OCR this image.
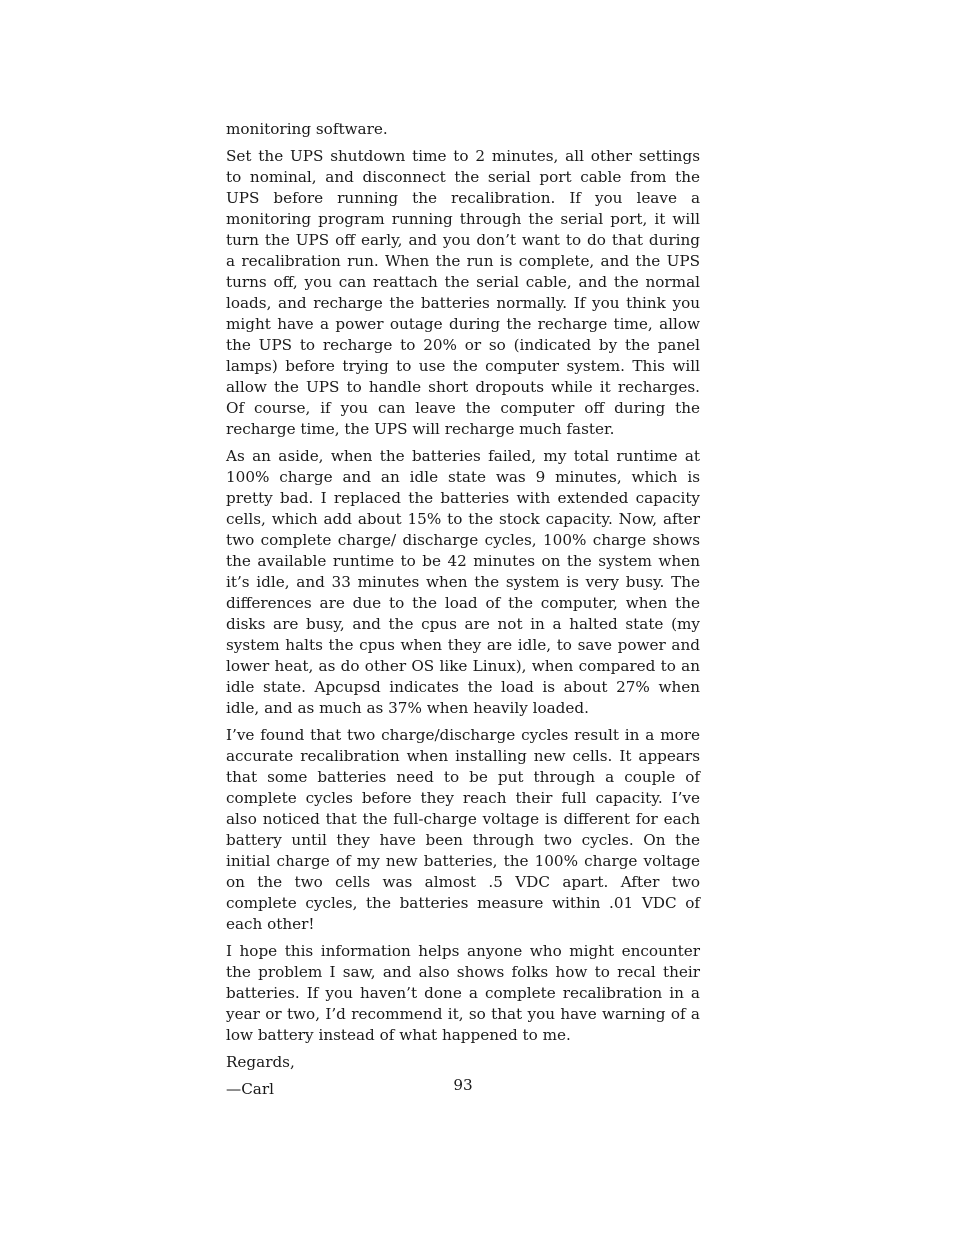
monitoring software.

Set the UPS shutdown time to 2 minutes, all other settings to nominal, and disconnect the serial port cable from the UPS before running the recalibration. If you leave a monitoring program running through the serial port, it will turn the UPS off early, and you don’t want to do that during a recalibration run. When the run is complete, and the UPS turns off, you can reattach the serial cable, and the normal loads, and recharge the batteries normally. If you think you might have a power outage during the recharge time, allow the UPS to recharge to 20% or so (indicated by the panel lamps) before trying to use the computer system. This will allow the UPS to handle short dropouts while it recharges. Of course, if you can leave the computer off during the recharge time, the UPS will recharge much faster.

As an aside, when the batteries failed, my total runtime at 100% charge and an idle state was 9 minutes, which is pretty bad. I replaced the batteries with extended capacity cells, which add about 15% to the stock capacity. Now, after two complete charge/ discharge cycles, 100% charge shows the available runtime to be 42 minutes on the system when it’s idle, and 33 minutes when the system is very busy. The differences are due to the load of the computer, when the disks are busy, and the cpus are not in a halted state (my system halts the cpus when they are idle, to save power and lower heat, as do other OS like Linux), when compared to an idle state. Apcupsd indicates the load is about 27% when idle, and as much as 37% when heavily loaded.

I’ve found that two charge/discharge cycles result in a more accurate recalibration when installing new cells. It appears that some batteries need to be put through a couple of complete cycles before they reach their full capacity. I’ve also noticed that the full-charge voltage is different for each battery until they have been through two cycles. On the initial charge of my new batteries, the 100% charge voltage on the two cells was almost .5 VDC apart. After two complete cycles, the batteries measure within .01 VDC of each other!

I hope this information helps anyone who might encounter the problem I saw, and also shows folks how to recal their batteries. If you haven’t done a complete recalibration in a year or two, I’d recommend it, so that you have warning of a low battery instead of what happened to me.

Regards,

—Carl	93
